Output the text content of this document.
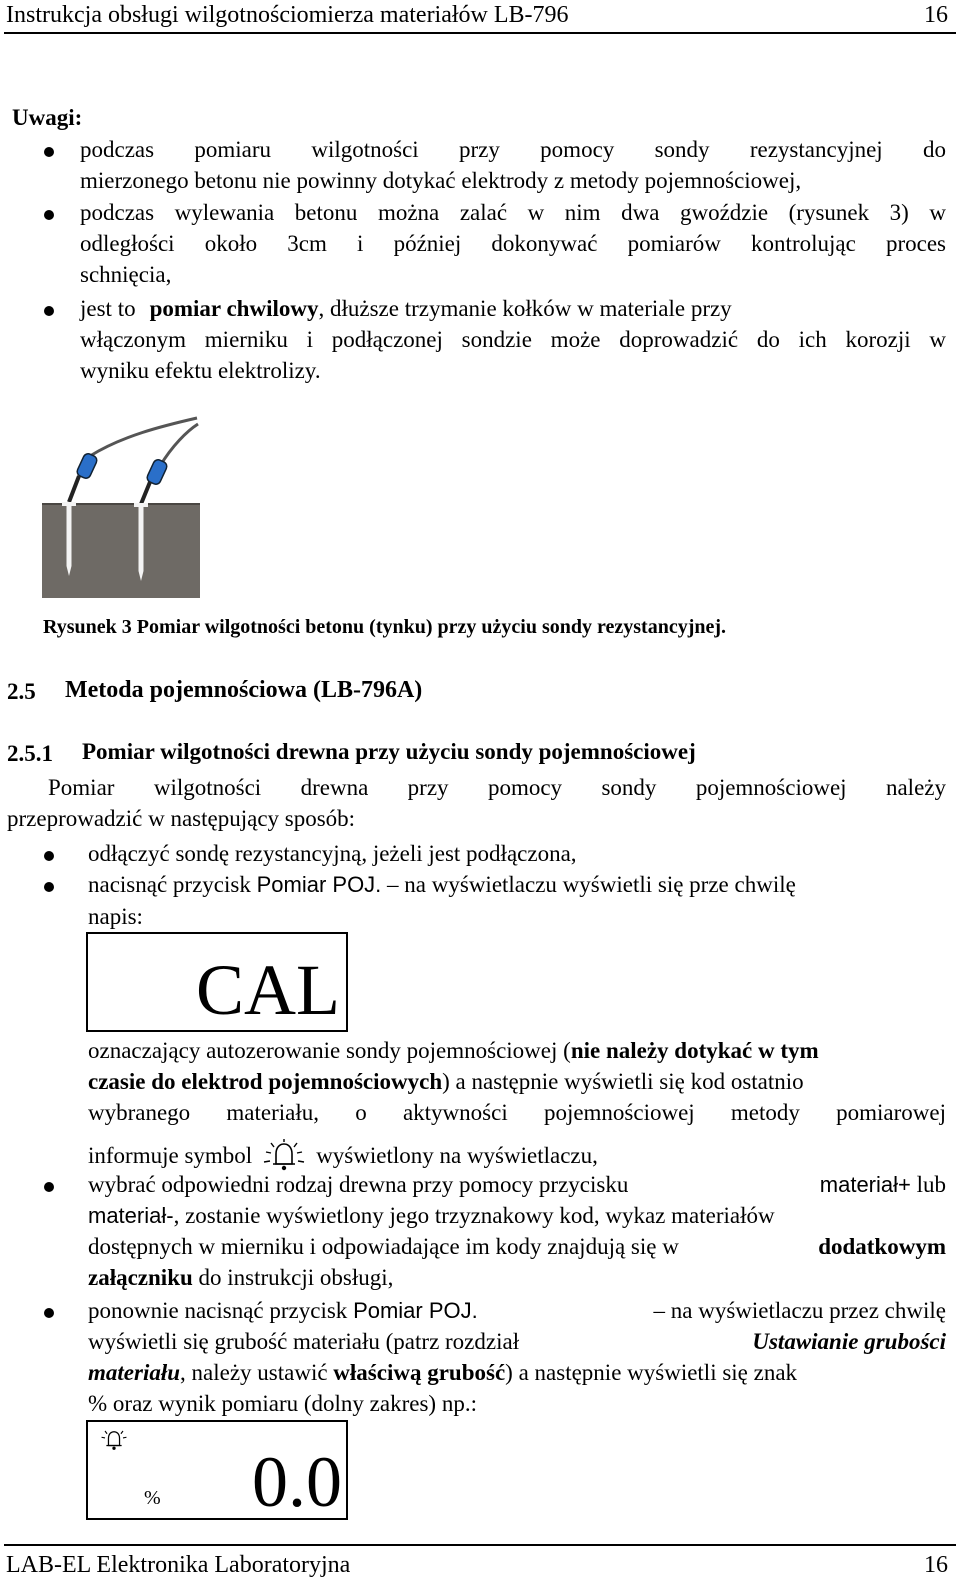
Instrukcja obsługi wilgotnościomierza materiałów LB-796	16
Uwagi:
podczas pomiaru wilgotności przy pomocy sondy rezystancyjnej do
mierzonego betonu nie powinny dotykać elektrody z metody pojemnościowej,
podczas wylewania betonu można zalać w nim dwa gwoździe (rysunek 3) w
odległości około 3cm i później dokonywać pomiarów kontrolując proces
schnięcia,
jest to pomiar chwilowy, dłuższe trzymanie kołków w materiale przy
włączonym mierniku i podłączonej sondzie może doprowadzić do ich korozji w
wyniku efektu elektrolizy.
Rysunek 3 Pomiar wilgotności betonu (tynku) przy użyciu sondy rezystancyjnej.
2.5 Metoda pojemnościowa (LB-796A)
2.5.1 Pomiar wilgotności drewna przy użyciu sondy pojemnościowej
Pomiar wilgotności drewna przy pomocy sondy pojemnościowej należy
przeprowadzić w następujący sposób:
odłączyć sondę rezystancyjną, jeżeli jest podłączona,
nacisnąć przycisk Pomiar POJ. – na wyświetlaczu wyświetli się prze chwilę
napis:
CAL
oznaczający autozerowanie sondy pojemnościowej (nie należy dotykać w tym
czasie do elektrod pojemnościowych) a następnie wyświetli się kod ostatnio
wybranego materiału, o aktywności pojemnościowej metody pomiarowej
informuje symbol	wyświetlony na wyświetlaczu,
wybrać odpowiedni rodzaj drewna przy pomocy przycisku	materiał+ lub
materiał-, zostanie wyświetlony jego trzyznakowy kod, wykaz materiałów
dostępnych w mierniku i odpowiadające im kody znajdują się w	dodatkowym
załączniku do instrukcji obsługi,
ponownie nacisnąć przycisk Pomiar POJ.	– na wyświetlaczu przez chwilę
wyświetli się grubość materiału (patrz rozdział	Ustawianie grubości
materiału, należy ustawić właściwą grubość) a następnie wyświetli się znak
% oraz wynik pomiaru (dolny zakres) np.:
% 0.0
LAB-EL Elektronika Laboratoryjna	16
